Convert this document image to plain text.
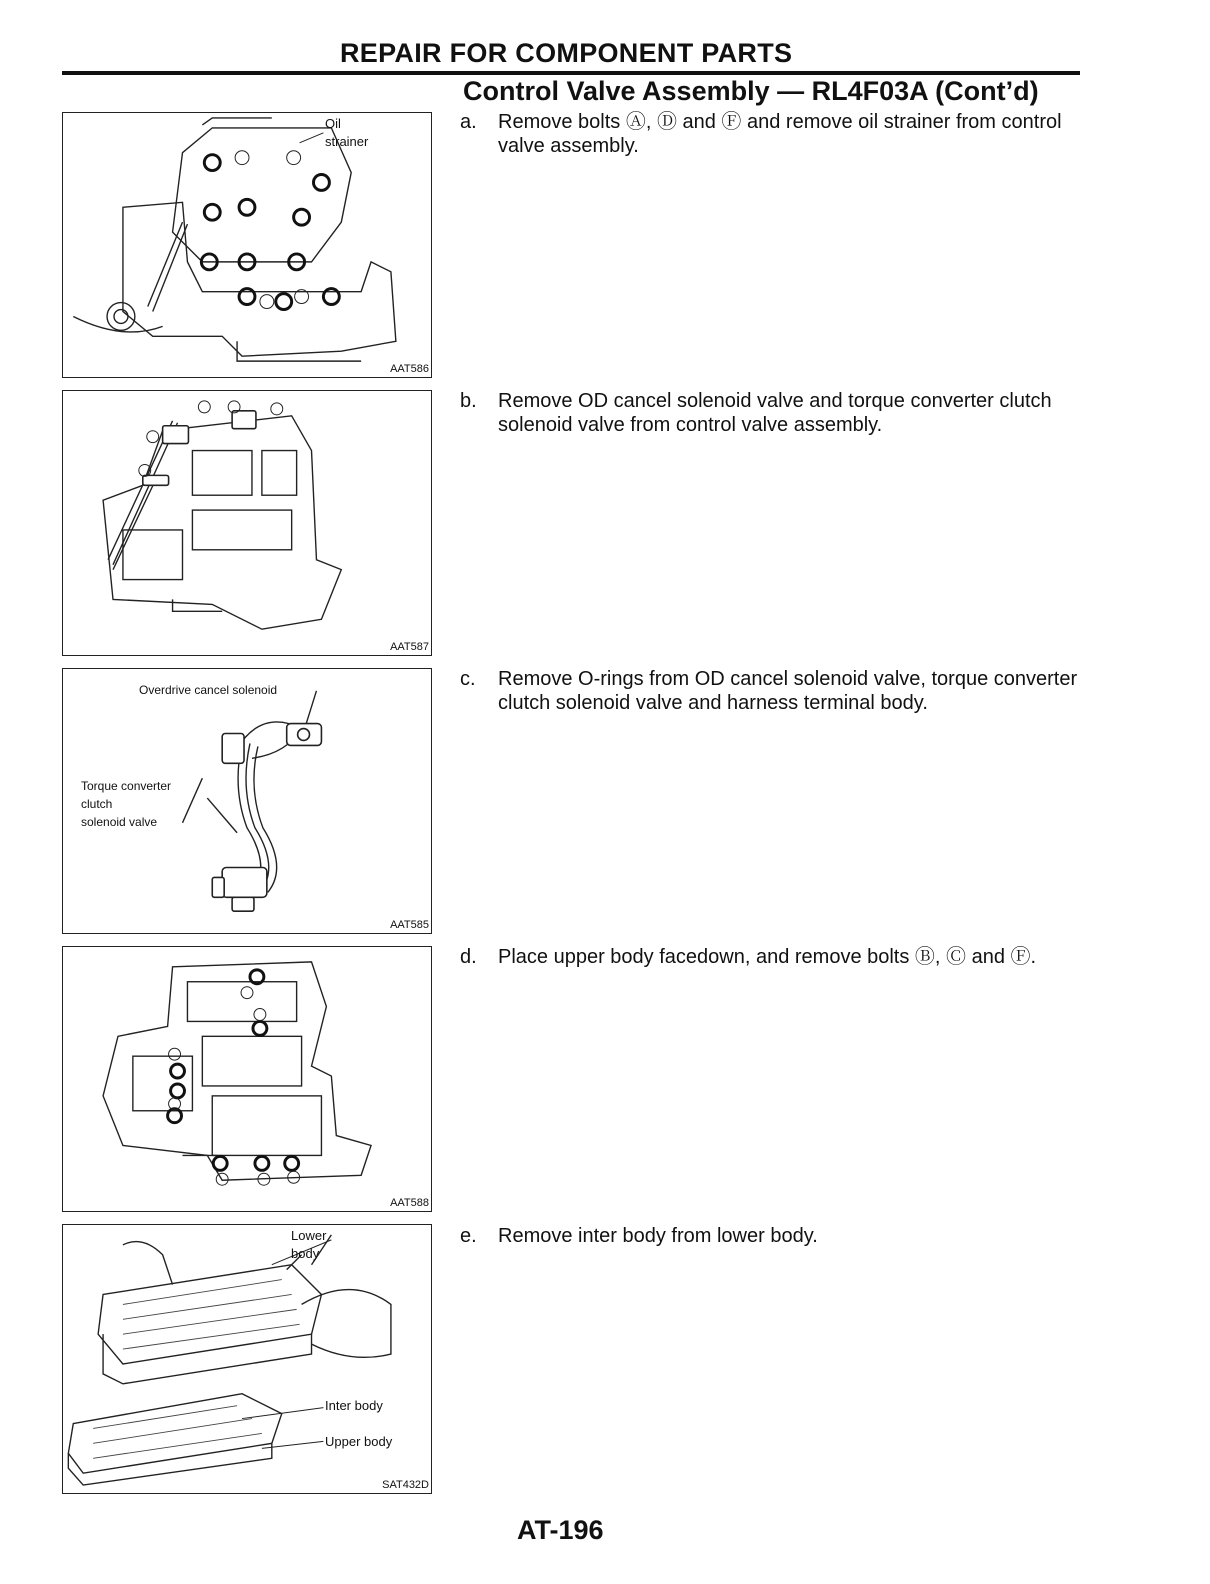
REPAIR FOR COMPONENT PARTS
Control Valve Assembly — RL4F03A (Cont’d)
Oil
strainer
AAT586
AAT587
Overdrive cancel solenoid
Torque converter
clutch
solenoid valve
AAT585
AAT588
Lower
body
Inter body
Upper body
SAT432D
a. Remove bolts Ⓐ, Ⓓ and Ⓕ and remove oil strainer from control valve assembly.
b. Remove OD cancel solenoid valve and torque converter clutch solenoid valve from control valve assembly.
c. Remove O-rings from OD cancel solenoid valve, torque converter clutch solenoid valve and harness terminal body.
d. Place upper body facedown, and remove bolts Ⓑ, Ⓒ and Ⓕ.
e. Remove inter body from lower body.
AT-196
